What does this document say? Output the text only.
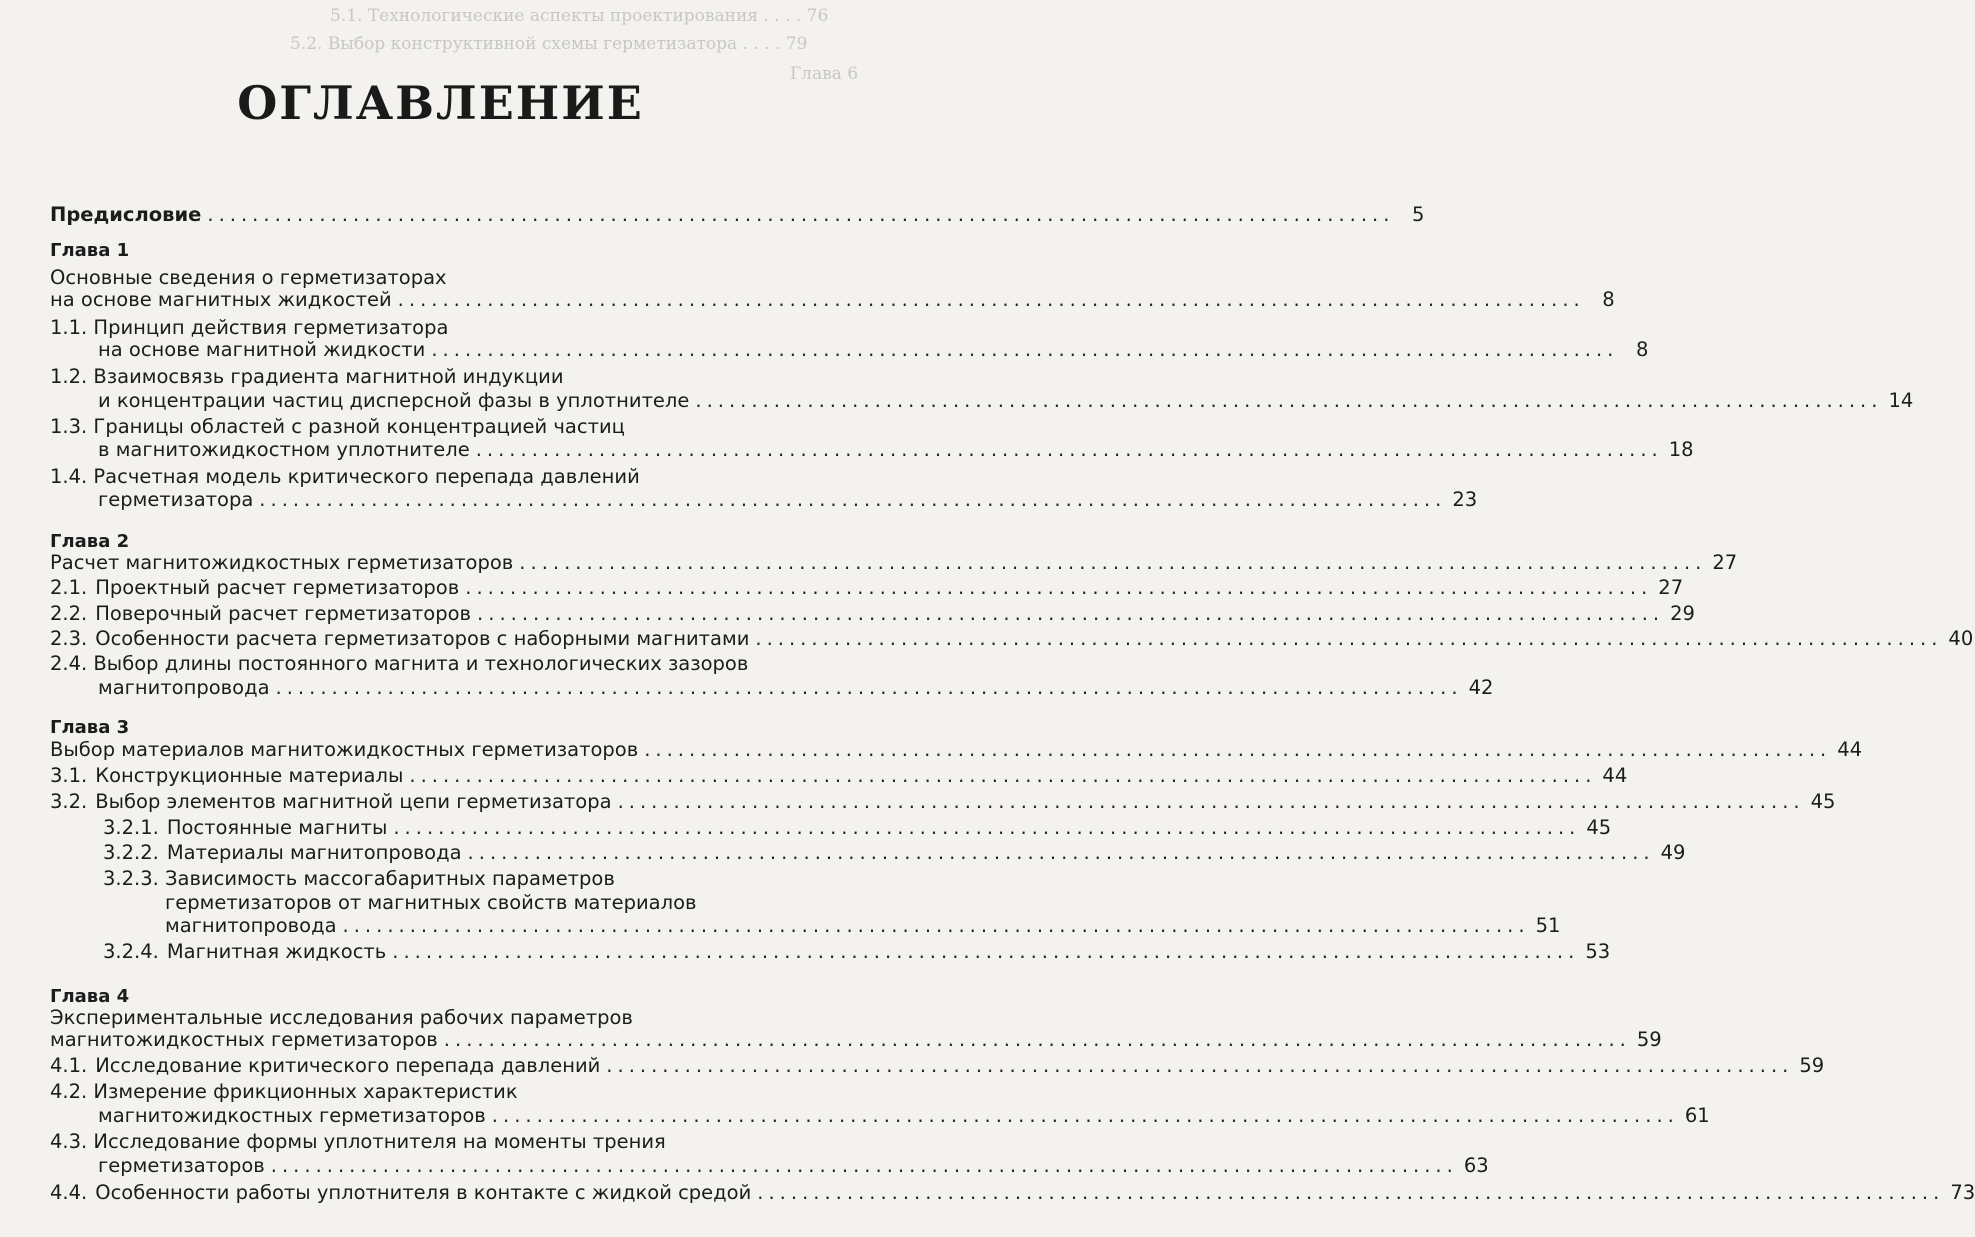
5.1. Технологические аспекты проектирования . . . . 76
5.2. Выбор конструктивной схемы герметизатора . . . . 79
Глава 6
ОГЛАВЛЕНИЕ
Предисловие .......................................................................................................... 5
Глава 1
Основные сведения о герметизаторах
на основе магнитных жидкостей .......................................................................................................... 8
1.1. Принцип действия герметизатора
на основе магнитной жидкости .......................................................................................................... 8
1.2. Взаимосвязь градиента магнитной индукции
и концентрации частиц дисперсной фазы в уплотнителе .......................................................................................................... 14
1.3. Границы областей с разной концентрацией частиц
в магнитожидкостном уплотнителе .......................................................................................................... 18
1.4. Расчетная модель критического перепада давлений
герметизатора .......................................................................................................... 23
Глава 2
Расчет магнитожидкостных герметизаторов .......................................................................................................... 27
2.1. Проектный расчет герметизаторов .......................................................................................................... 27
2.2. Поверочный расчет герметизаторов .......................................................................................................... 29
2.3. Особенности расчета герметизаторов с наборными магнитами .......................................................................................................... 40
2.4. Выбор длины постоянного магнита и технологических зазоров
магнитопровода .......................................................................................................... 42
Глава 3
Выбор материалов магнитожидкостных герметизаторов .......................................................................................................... 44
3.1. Конструкционные материалы .......................................................................................................... 44
3.2. Выбор элементов магнитной цепи герметизатора .......................................................................................................... 45
3.2.1. Постоянные магниты .......................................................................................................... 45
3.2.2. Материалы магнитопровода .......................................................................................................... 49
3.2.3. Зависимость массогабаритных параметров
герметизаторов от магнитных свойств материалов
магнитопровода .......................................................................................................... 51
3.2.4. Магнитная жидкость .......................................................................................................... 53
Глава 4
Экспериментальные исследования рабочих параметров
магнитожидкостных герметизаторов .......................................................................................................... 59
4.1. Исследование критического перепада давлений .......................................................................................................... 59
4.2. Измерение фрикционных характеристик
магнитожидкостных герметизаторов .......................................................................................................... 61
4.3. Исследование формы уплотнителя на моменты трения
герметизаторов .......................................................................................................... 63
4.4. Особенности работы уплотнителя в контакте с жидкой средой .......................................................................................................... 73
